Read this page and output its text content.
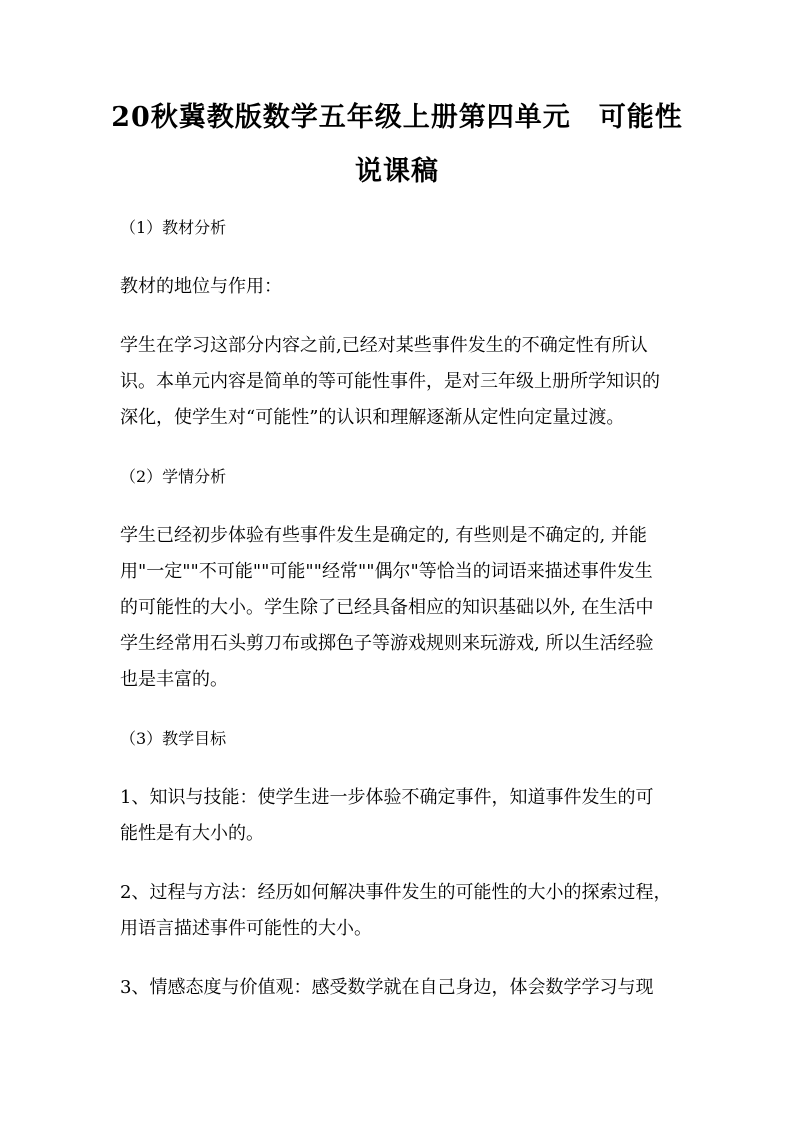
20秋冀教版数学五年级上册第四单元 可能性
说课稿
（1）教材分析
教材的地位与作用：
学生在学习这部分内容之前,已经对某些事件发生的不确定性有所认
识。本单元内容是简单的等可能性事件，是对三年级上册所学知识的
深化，使学生对“可能性”的认识和理解逐渐从定性向定量过渡。
（2）学情分析
学生已经初步体验有些事件发生是确定的, 有些则是不确定的, 并能
用"一定""不可能""可能""经常""偶尔"等恰当的词语来描述事件发生
的可能性的大小。学生除了已经具备相应的知识基础以外, 在生活中
学生经常用石头剪刀布或掷色子等游戏规则来玩游戏, 所以生活经验
也是丰富的。
（3）教学目标
1、知识与技能：使学生进一步体验不确定事件，知道事件发生的可
能性是有大小的。
2、过程与方法：经历如何解决事件发生的可能性的大小的探索过程，
用语言描述事件可能性的大小。
3、情感态度与价值观：感受数学就在自己身边，体会数学学习与现
